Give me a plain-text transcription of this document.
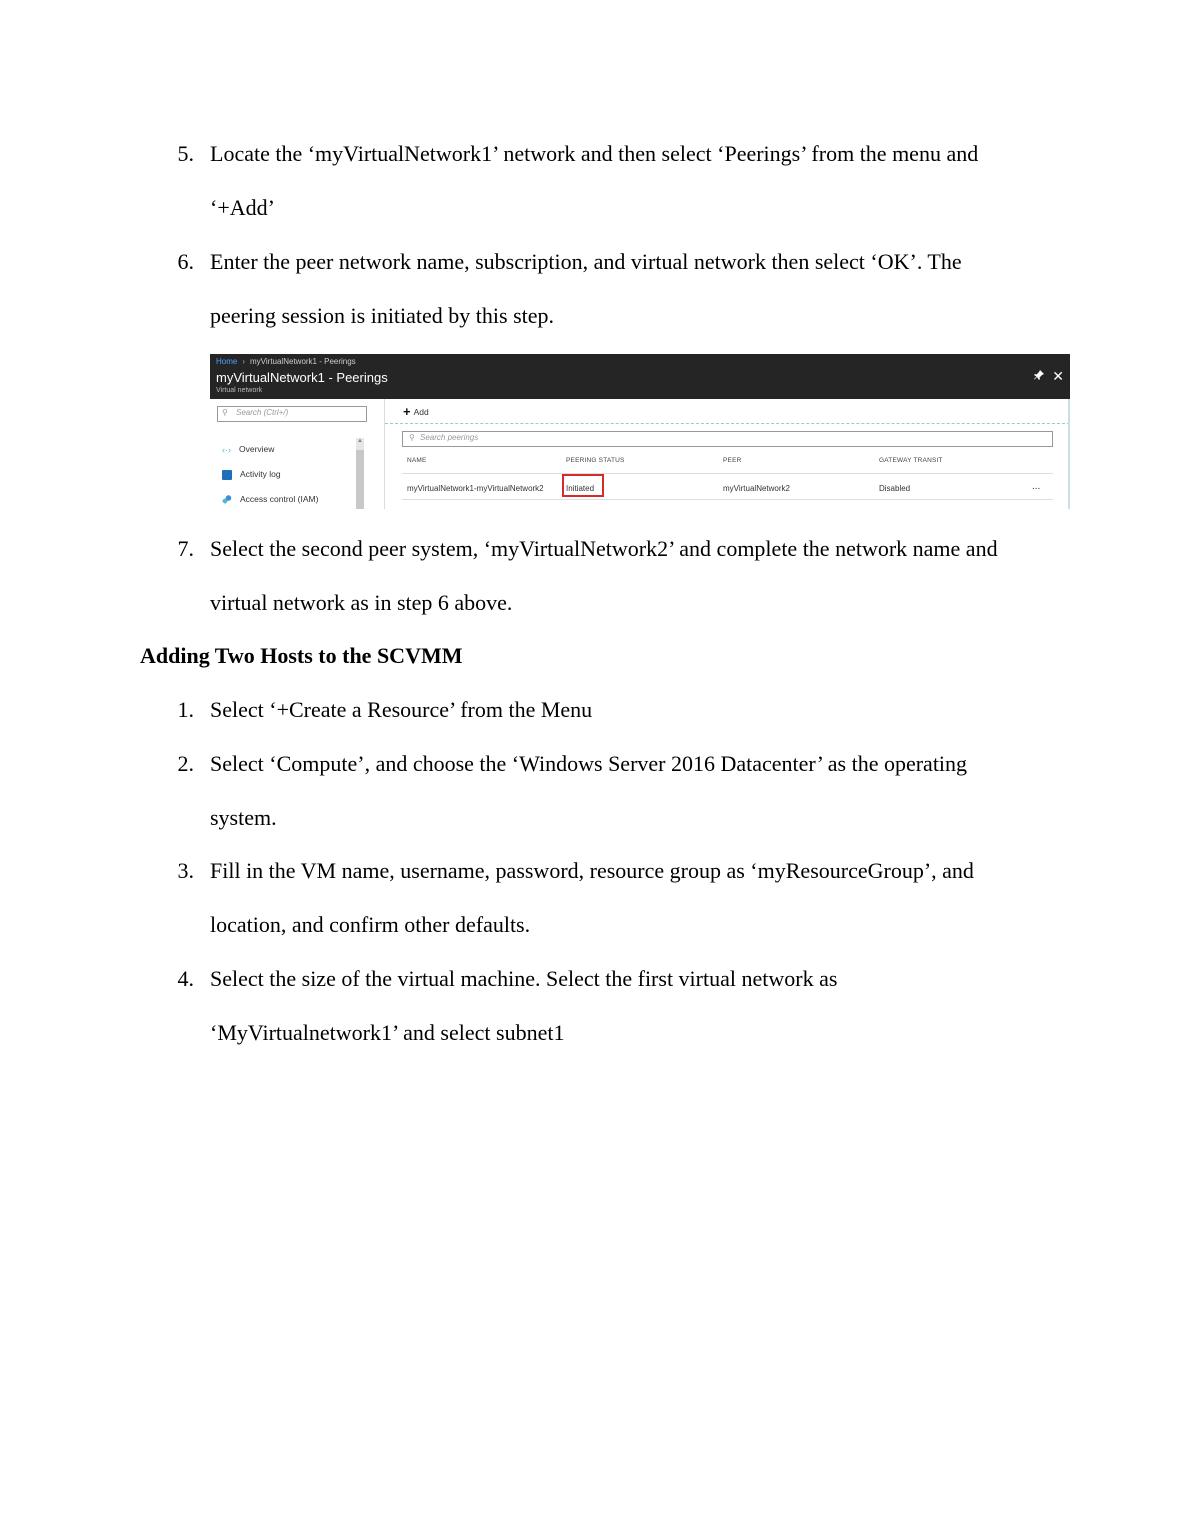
5. Locate the ‘myVirtualNetwork1’ network and then select ‘Peerings’ from the menu and
‘+Add’
6. Enter the peer network name, subscription, and virtual network then select ‘OK’. The
peering session is initiated by this step.
Home › myVirtualNetwork1 - Peerings
myVirtualNetwork1 - Peerings
Virtual network
✕
⚲ Search (Ctrl+/)
‹·› Overview
Activity log
Access control (IAM)
▲
+ Add
⚲ Search peerings
NAME	PEERING STATUS	PEER	GATEWAY TRANSIT
myVirtualNetwork1-myVirtualNetwork2	Initiated	myVirtualNetwork2	Disabled	...
7. Select the second peer system, ‘myVirtualNetwork2’ and complete the network name and
virtual network as in step 6 above.
Adding Two Hosts to the SCVMM
1. Select ‘+Create a Resource’ from the Menu
2. Select ‘Compute’, and choose the ‘Windows Server 2016 Datacenter’ as the operating
system.
3. Fill in the VM name, username, password, resource group as ‘myResourceGroup’, and
location, and confirm other defaults.
4. Select the size of the virtual machine. Select the first virtual network as
‘MyVirtualnetwork1’ and select subnet1
